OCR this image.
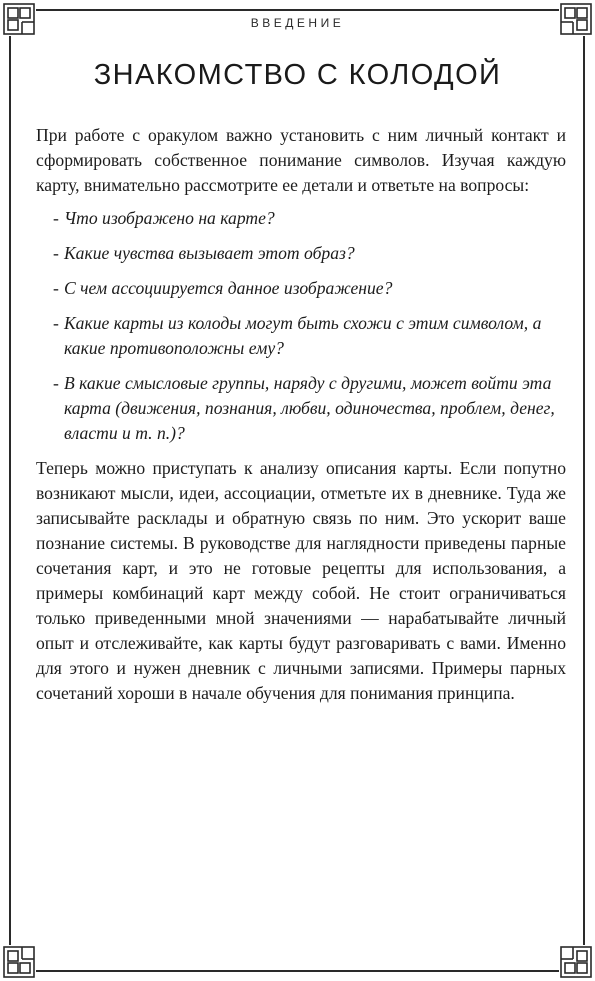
ВВЕДЕНИЕ
ЗНАКОМСТВО С КОЛОДОЙ

При работе с оракулом важно установить с ним личный контакт и сформировать собственное понимание символов. Изучая каждую карту, внимательно рассмотрите ее детали и ответьте на вопросы:

- Что изображено на карте?
- Какие чувства вызывает этот образ?
- С чем ассоциируется данное изображение?
- Какие карты из колоды могут быть схожи с этим символом, а какие противоположны ему?
- В какие смысловые группы, наряду с другими, может войти эта карта (движения, познания, любви, одиночества, проблем, денег, власти и т. п.)?

Теперь можно приступать к анализу описания карты. Если попутно возникают мысли, идеи, ассоциации, отметьте их в дневнике. Туда же записывайте расклады и обратную связь по ним. Это ускорит ваше познание системы. В руководстве для наглядности приведены парные сочетания карт, и это не готовые рецепты для использования, а примеры комбинаций карт между собой. Не стоит ограничиваться только приведенными мной значениями — нарабатывайте личный опыт и отслеживайте, как карты будут разговаривать с вами. Именно для этого и нужен дневник с личными записями. Примеры парных сочетаний хороши в начале обучения для понимания принципа.
